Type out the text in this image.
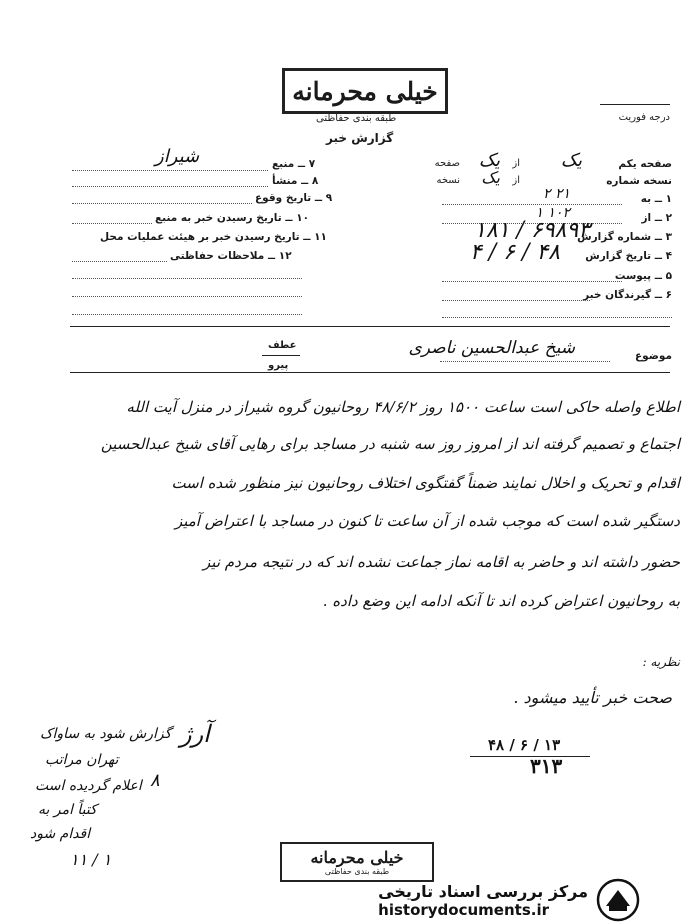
خیلی محرمانه
طبقه بندی حفاظتی
گزارش خبر
درجه فوریت
صفحه یکم
یک
از
یک
صفحه
نسخه شماره
از
یک
نسخه
۱ ــ به
۲۱ ۲
۲ ــ از
۱۰۲ ۱
۳ ــ شماره گزارش
۶۹۸۹۳ / ۱۸۱
۴ ــ تاریخ گزارش
۴۸ / ۶ / ۴
۵ ــ پیوست
۶ ــ گیرندگان خبر
۷ ــ منبع
شیراز
۸ ــ منشأ
۹ ــ تاریخ وقوع
۱۰ ــ تاریخ رسیدن خبر به منبع
۱۱ ــ تاریخ رسیدن خبر بر هیئت عملیات محل
۱۲ ــ ملاحظات حفاظتی
عطف
پیرو
موضوع
شیخ عبدالحسین ناصری
اطلاع واصله حاکی است ساعت ۱۵۰۰ روز ۴۸/۶/۲ روحانیون گروه شیراز در منزل آیت الله
اجتماع و تصمیم گرفته اند از امروز روز سه شنبه در مساجد برای رهایی آقای شیخ عبدالحسین
اقدام و تحریک و اخلال نمایند ضمناً گفتگوی اختلاف روحانیون نیز منظور شده است
دستگیر شده است که موجب شده از آن ساعت تا کنون در مساجد با اعتراض آمیز
حضور داشته اند و حاضر به اقامه نماز جماعت نشده اند که در نتیجه مردم نیز
به روحانیون اعتراض کرده اند تا آنکه ادامه این وضع داده .
نظریه :
صحت خبر تأیید میشود .
۴۸ / ۶ / ۱۳
۳۱۳
گزارش شود به ساواک
تهران مراتب
اعلام گردیده است
کتباً امر به
اقدام شود
آرژ
۸
۱۱ / ۱	خیلی محرمانه
طبقه بندی حفاظتی
مرکز بررسی اسناد تاریخی
historydocuments.ir
